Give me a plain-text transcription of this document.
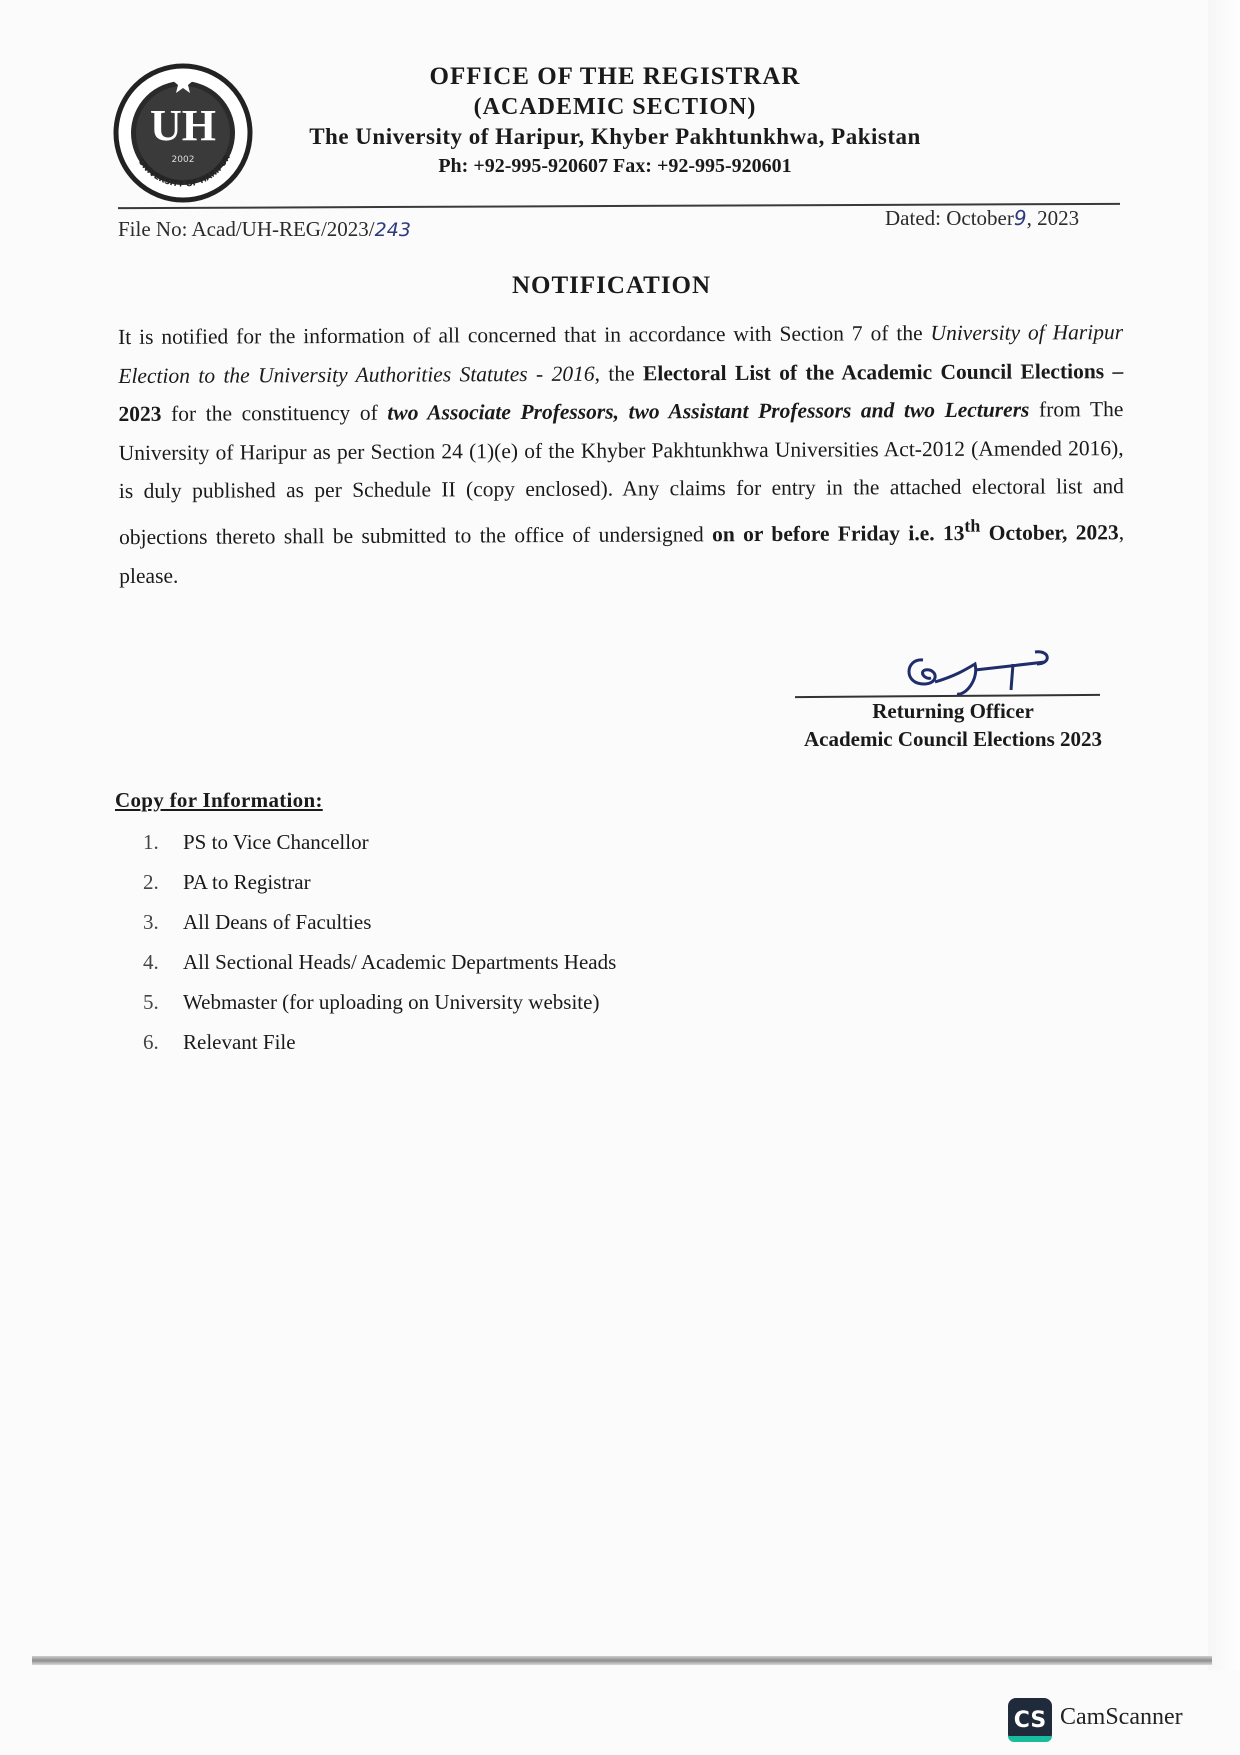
UH
2002
UNIVERSITY OF HARIPUR
OFFICE OF THE REGISTRAR
(ACADEMIC SECTION)
The University of Haripur, Khyber Pakhtunkhwa, Pakistan
Ph: +92-995-920607 Fax: +92-995-920601
File No: Acad/UH-REG/2023/243	Dated: October9, 2023
NOTIFICATION
It is notified for the information of all concerned that in accordance with Section 7 of the University of Haripur Election to the University Authorities Statutes - 2016, the Electoral List of the Academic Council Elections – 2023 for the constituency of two Associate Professors, two Assistant Professors and two Lecturers from The University of Haripur as per Section 24 (1)(e) of the Khyber Pakhtunkhwa Universities Act-2012 (Amended 2016), is duly published as per Schedule II (copy enclosed). Any claims for entry in the attached electoral list and objections thereto shall be submitted to the office of undersigned on or before Friday i.e. 13th October, 2023, please.
Returning Officer
Academic Council Elections 2023
Copy for Information:
1.	PS to Vice Chancellor
2.	PA to Registrar
3.	All Deans of Faculties
4.	All Sectional Heads/ Academic Departments Heads
5.	Webmaster (for uploading on University website)
6.	Relevant File
CS CamScanner
